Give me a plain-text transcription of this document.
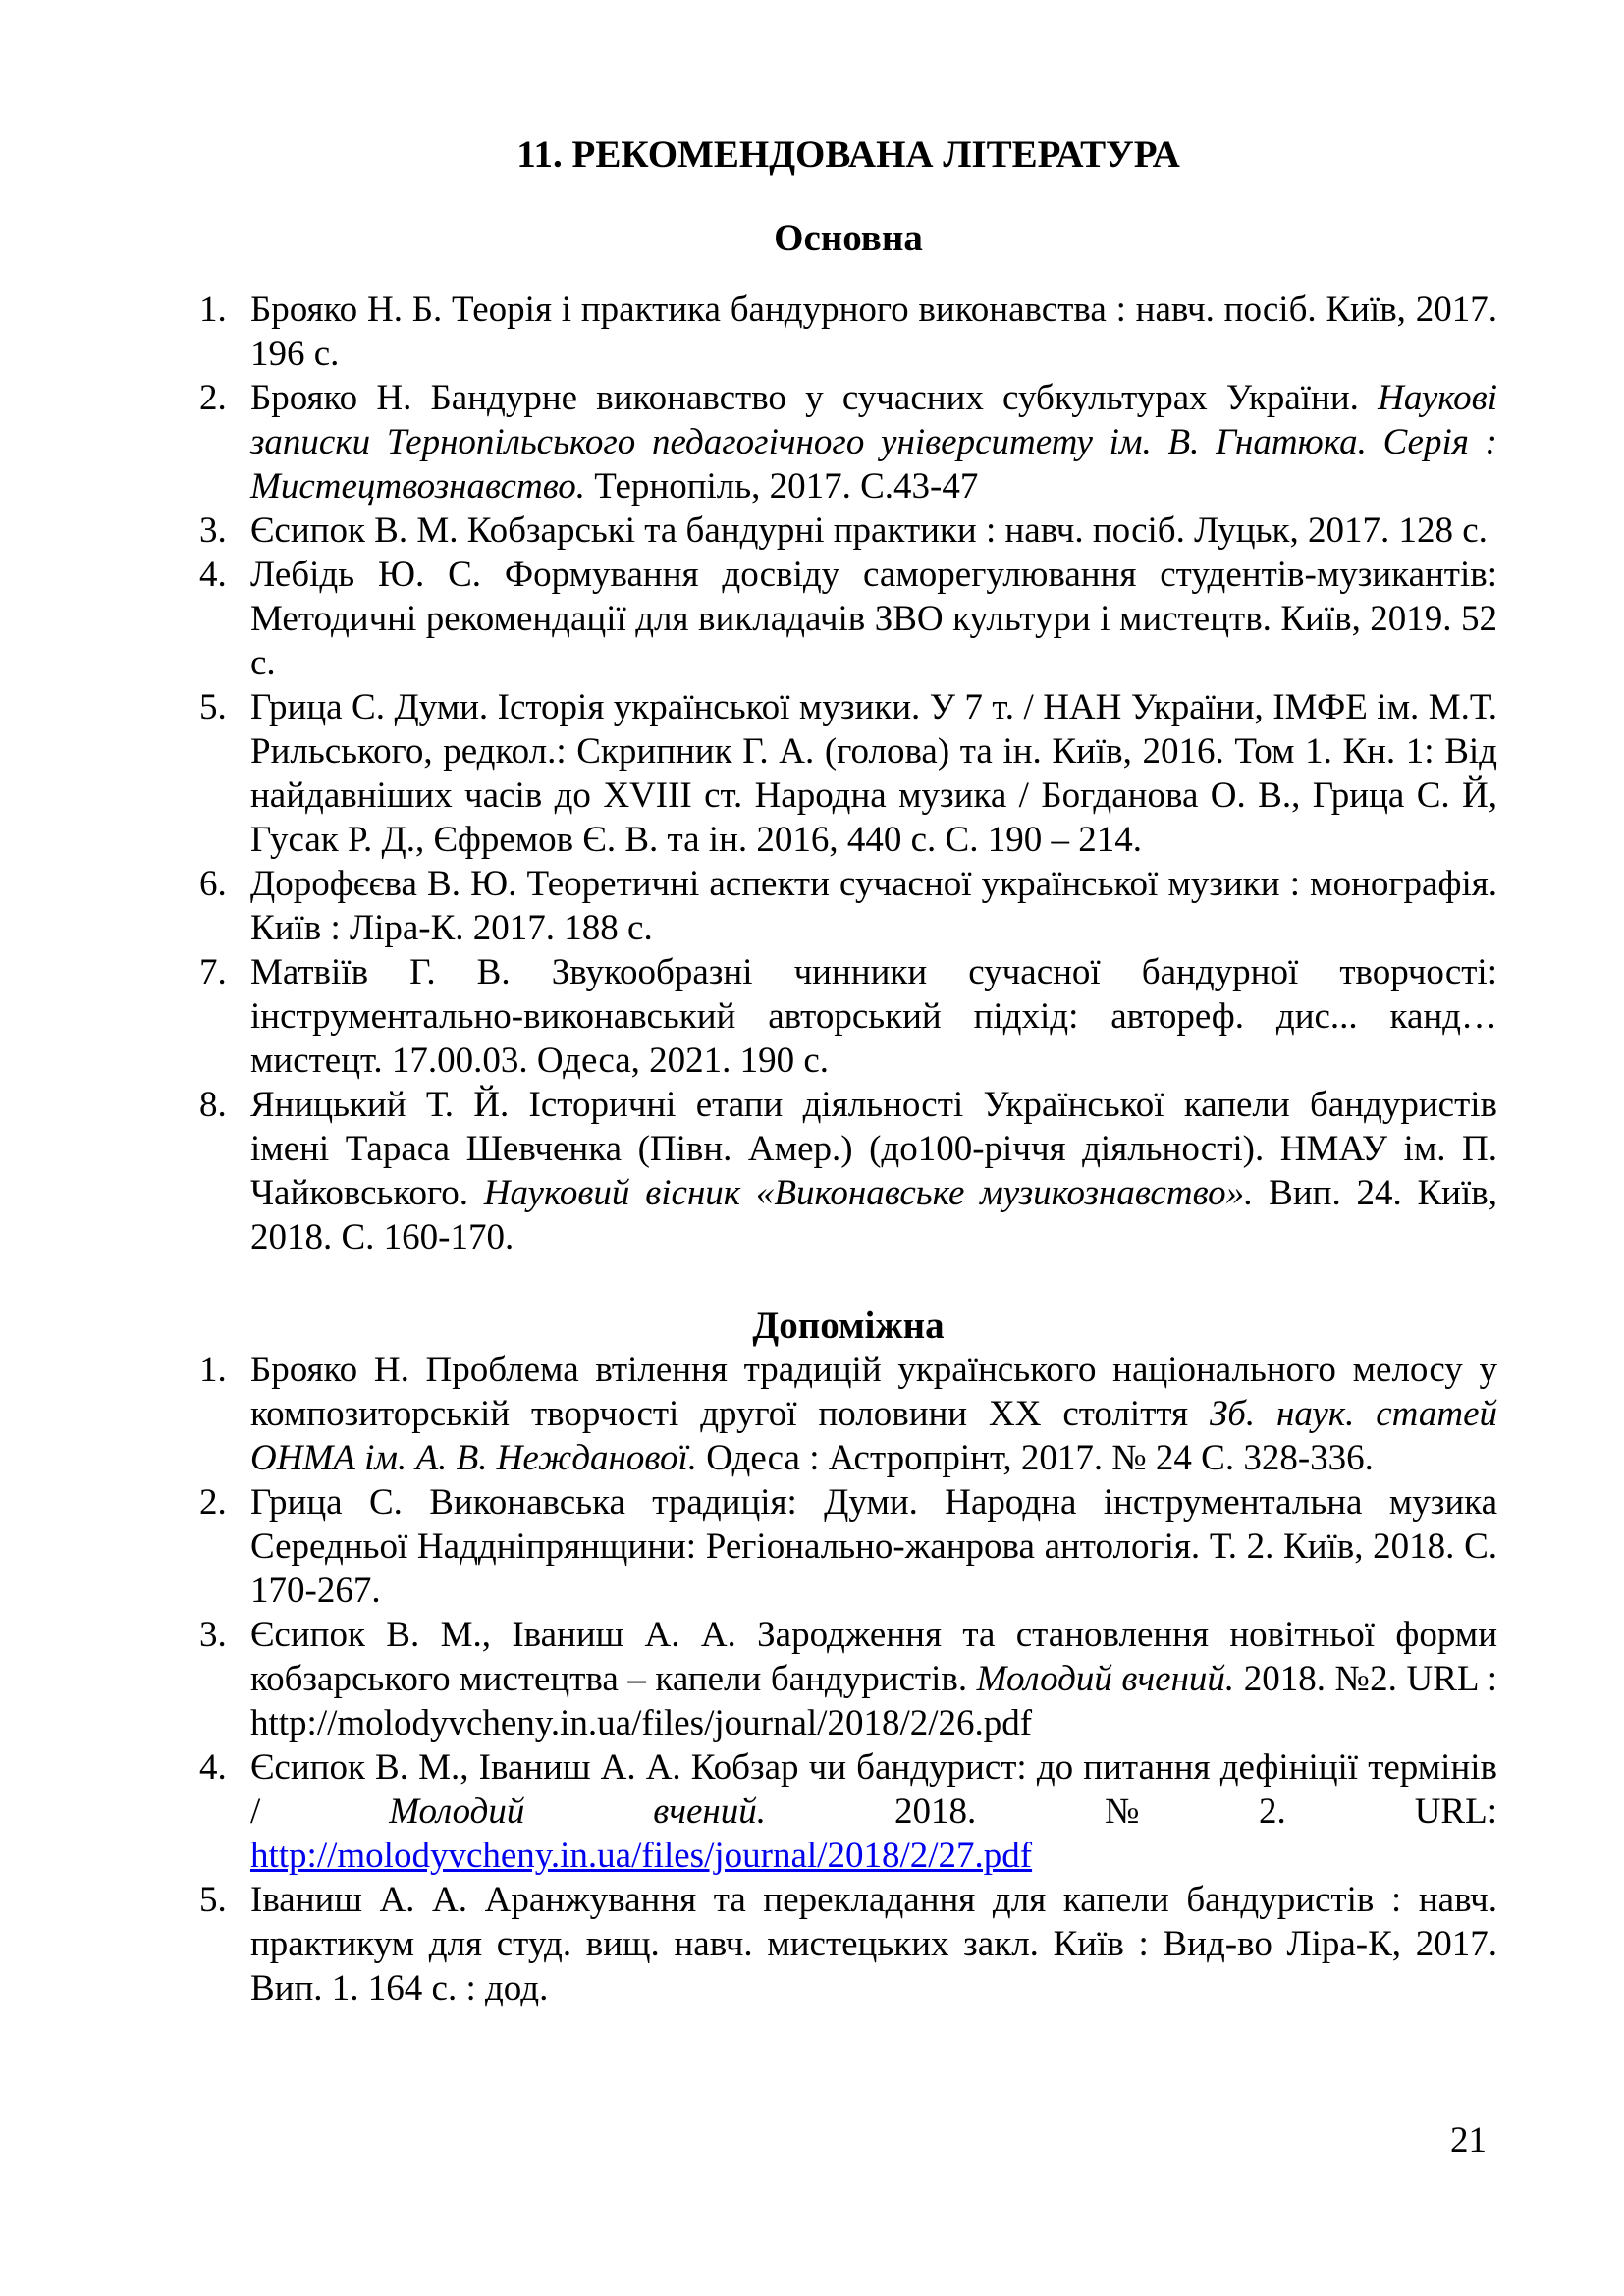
11. РЕКОМЕНДОВАНА ЛІТЕРАТУРА
Основна
1. Брояко Н. Б. Теорія і практика бандурного виконавства : навч. посіб. Київ, 2017. 196 с.
2. Брояко Н. Бандурне виконавство у сучасних субкультурах України. Наукові записки Тернопільського педагогічного університету ім. В. Гнатюка. Серія : Мистецтвознавство. Тернопіль, 2017. С.43-47
3. Єсипок В. М. Кобзарські та бандурні практики : навч. посіб. Луцьк, 2017. 128 с.
4. Лебідь Ю. С. Формування досвіду саморегулювання студентів-музикантів: Методичні рекомендації для викладачів ЗВО культури і мистецтв. Київ, 2019. 52 с.
5. Грица С. Думи. Історія української музики. У 7 т. / НАН України, ІМФЕ ім. М.Т. Рильського, редкол.: Скрипник Г. А. (голова) та ін. Київ, 2016. Том 1. Кн. 1: Від найдавніших часів до XVIII ст. Народна музика / Богданова О. В., Грица С. Й, Гусак Р. Д., Єфремов Є. В. та ін. 2016, 440 с. С. 190 – 214.
6. Дорофєєва В. Ю. Теоретичні аспекти сучасної української музики : монографія. Київ : Ліра-К. 2017. 188 с.
7. Матвіїв Г. В. Звукообразні чинники сучасної бандурної творчості: інструментально-виконавський авторський підхід: автореф. дис... канд… мистецт. 17.00.03. Одеса, 2021. 190 с.
8. Яницький Т. Й. Історичні етапи діяльності Української капели бандуристів імені Тараса Шевченка (Півн. Амер.) (до100-річчя діяльності). НМАУ ім. П. Чайковського. Науковий вісник «Виконавське музикознавство». Вип. 24. Київ, 2018. С. 160-170.
Допоміжна
1. Брояко Н. Проблема втілення традицій українського національного мелосу у композиторській творчості другої половини ХХ століття Зб. наук. статей ОНМА ім. А. В. Нежданової. Одеса : Астропрінт, 2017. № 24 С. 328-336.
2. Грица С. Виконавська традиція: Думи. Народна інструментальна музика Середньої Наддніпрянщини: Регіонально-жанрова антологія. Т. 2. Київ, 2018. С. 170-267.
3. Єсипок В. М., Іваниш А. А. Зародження та становлення новітньої форми кобзарського мистецтва – капели бандуристів. Молодий вчений. 2018. №2. URL : http://molodyvcheny.in.ua/files/journal/2018/2/26.pdf
4. Єсипок В. М., Іваниш А. А. Кобзар чи бандурист: до питання дефініції термінів / Молодий вчений. 2018. №2. URL: http://molodyvcheny.in.ua/files/journal/2018/2/27.pdf
5. Іваниш А. А. Аранжування та перекладання для капели бандуристів : навч. практикум для студ. вищ. навч. мистецьких закл. Київ : Вид-во Ліра-К, 2017. Вип. 1. 164 с. : дод.
21
